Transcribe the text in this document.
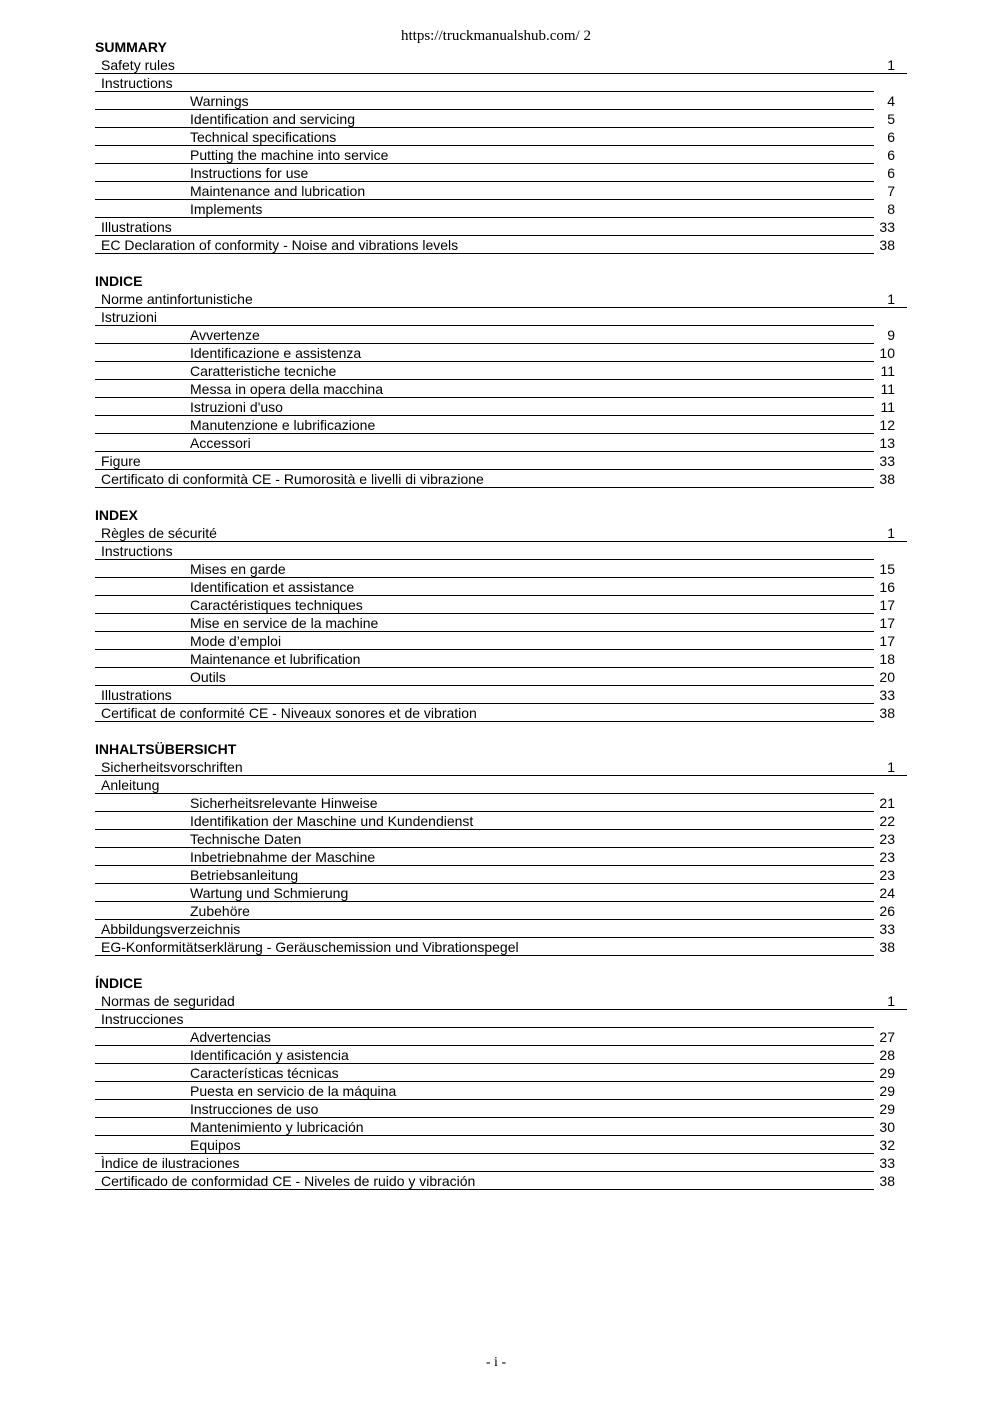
https://truckmanualshub.com/ 2
SUMMARY
Safety rules	1
Instructions
Warnings	4
Identification and servicing	5
Technical specifications	6
Putting the machine into service	6
Instructions for use	6
Maintenance and lubrication	7
Implements	8
Illustrations	33
EC Declaration of conformity - Noise and vibrations levels	38
INDICE
Norme antinfortunistiche	1
Istruzioni
Avvertenze	9
Identificazione e assistenza	10
Caratteristiche tecniche	11
Messa in opera della macchina	11
Istruzioni d'uso	11
Manutenzione e lubrificazione	12
Accessori	13
Figure	33
Certificato di conformità CE - Rumorosità e livelli di vibrazione	38
INDEX
Règles de sécurité	1
Instructions
Mises en garde	15
Identification et assistance	16
Caractéristiques techniques	17
Mise en service de la machine	17
Mode d’emploi	17
Maintenance et lubrification	18
Outils	20
Illustrations	33
Certificat de conformité CE - Niveaux sonores et de vibration	38
INHALTSÜBERSICHT
Sicherheitsvorschriften	1
Anleitung
Sicherheitsrelevante Hinweise	21
Identifikation der Maschine und Kundendienst	22
Technische Daten	23
Inbetriebnahme der Maschine	23
Betriebsanleitung	23
Wartung und Schmierung	24
Zubehöre	26
Abbildungsverzeichnis	33
EG-Konformitätserklärung - Geräuschemission und Vibrationspegel	38
ÍNDICE
Normas de seguridad	1
Instrucciones
Advertencias	27
Identificación y asistencia	28
Características técnicas	29
Puesta en servicio de la máquina	29
Instrucciones de uso	29
Mantenimiento y lubricación	30
Equipos	32
Ìndice de ilustraciones	33
Certificado de conformidad CE - Niveles de ruido y vibración	38
- i -
